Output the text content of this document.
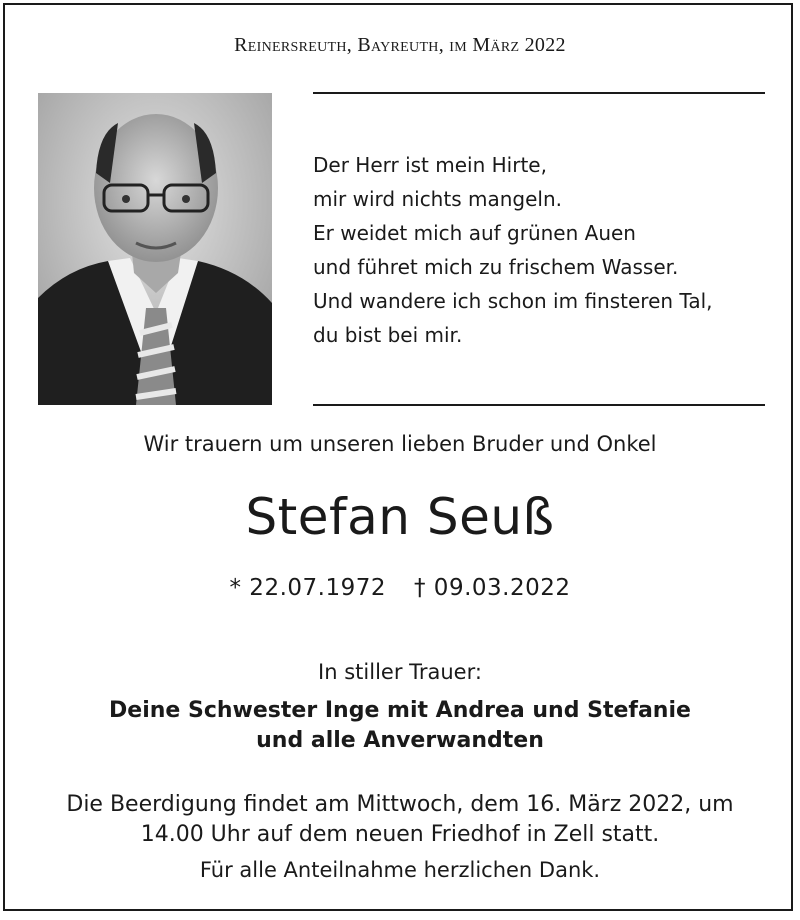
Reinersreuth, Bayreuth, im März 2022
Der Herr ist mein Hirte,
mir wird nichts mangeln.
Er weidet mich auf grünen Auen
und führet mich zu frischem Wasser.
Und wandere ich schon im finsteren Tal,
du bist bei mir.
Wir trauern um unseren lieben Bruder und Onkel
Stefan Seuß
* 22.07.1972 † 09.03.2022
In stiller Trauer:
Deine Schwester Inge mit Andrea und Stefanie
und alle Anverwandten
Die Beerdigung findet am Mittwoch, dem 16. März 2022, um 14.00 Uhr auf dem neuen Friedhof in Zell statt.
Für alle Anteilnahme herzlichen Dank.
